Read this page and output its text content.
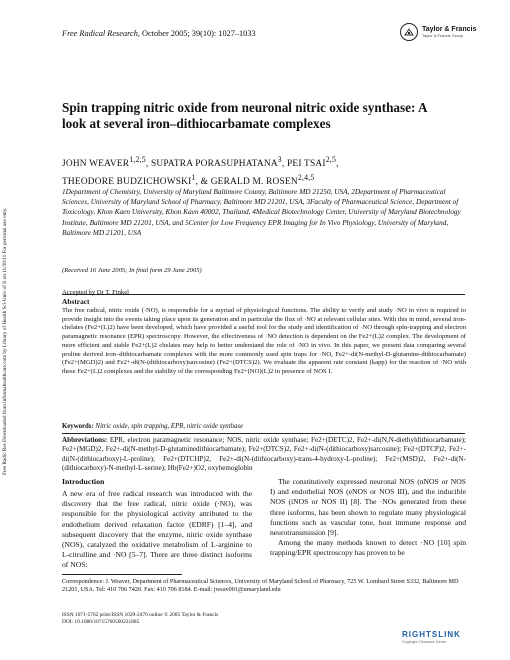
Free Radic Res Downloaded from informahealthcare.com by Library of Health Sci-Univ of Il on 11/30/11 For personal use only.
Free Radical Research, October 2005; 39(10): 1027–1033	Taylor & Francis
Taylor & Francis Group
Spin trapping nitric oxide from neuronal nitric oxide synthase: A look at several iron–dithiocarbamate complexes
JOHN WEAVER$^{1,2,5}$, SUPATRA PORASUPHATANA$^3$, PEI TSAI$^{2,5}$,
THEODORE BUDZICHOWSKI$^1$, & GERALD M. ROSEN$^{2,4,5}$
1Department of Chemistry, University of Maryland Baltimore County, Baltimore MD 21250, USA, 2Department of Pharmaceutical Sciences, University of Maryland School of Pharmacy, Baltimore MD 21201, USA, 3Faculty of Pharmaceutical Science, Department of Toxicology, Khon Kaen University, Khon Kaen 40002, Thailand, 4Medical Biotechnology Center, University of Maryland Biotechnology Institute, Baltimore MD 21201, USA, and 5Center for Low Frequency EPR Imaging for In Vivo Physiology, University of Maryland, Baltimore MD 21201, USA
(Received 16 June 2005; In final form 29 June 2005)
Accepted by Dr T. Finkel
Abstract
The free radical, nitric oxide (·NO), is responsible for a myriad of physiological functions. The ability to verify and study ·NO in vivo is required to provide insight into the events taking place upon its generation and in particular the flux of ·NO at relevant cellular sites. With this in mind, several iron-chelates (Fe2+(L)2) have been developed, which have provided a useful tool for the study and identification of ·NO through spin-trapping and electron paramagnetic resonance (EPR) spectroscopy. However, the effectiveness of ·NO detection is dependent on the Fe2+(L)2 complex. The development of more efficient and stable Fe2+(L)2 chelates may help to better understand the role of ·NO in vivo. In this paper, we present data comparing several proline derived iron–dithiocarbamate complexes with the more commonly used spin traps for ·NO, Fe2+-di(N-methyl-D-glutamine-dithiocarbamate) (Fe2+(MGD)2) and Fe2+-di(N-(dithiocarboxy)sarcosine) (Fe2+(DTCS)2). We evaluate the apparent rate constant (kapp) for the reaction of ·NO with these Fe2+(L)2 complexes and the stability of the corresponding Fe2+(NO)(L)2 in presence of NOS I.
Keywords: Nitric oxide, spin trapping, EPR, nitric oxide synthase
Abbreviations: EPR, electron paramagnetic resonance; NOS, nitric oxide synthase; Fe2+(DETC)2, Fe2+-di(N,N-diethyldithiocarbamate); Fe2+(MGD)2, Fe2+-di(N-methyl-D-glutaminedithiocarbamate); Fe2+(DTCS)2, Fe2+-di(N-(dithiocarboxy)sarcosine); Fe2+(DTCP)2, Fe2+-di(N-(dithiocarboxy)-L-proline); Fe2+(DTCHP)2, Fe2+-di(N-(dithiocarboxy)-trans-4-hydroxy-L-proline); Fe2+(MSD)2, Fe2+-di(N-(dithiocarboxy)-N-methyl-L-serine); Hb(Fe2+)O2, oxyhemoglobin
Introduction
A new era of free radical research was introduced with the discovery that the free radical, nitric oxide (·NO), was responsible for the physiological activity attributed to the endothelium derived relaxation factor (EDRF) [1–4], and subsequent discovery that the enzyme, nitric oxide synthase (NOS), catalyzed the oxidative metabolism of L-arginine to L-citrulline and ·NO [5–7]. There are three distinct isoforms of NOS:
The constitutively expressed neuronal NOS (nNOS or NOS I) and endothelial NOS (eNOS or NOS III), and the inducible NOS (iNOS or NOS II) [8]. The ·NOs generated from these three isoforms, has been shown to regulate many physiological functions such as vascular tone, host immune response and neurotransmission [9].
Among the many methods known to detect ·NO [10] spin trapping/EPR spectroscopy has proven to be
Correspondence: J. Weaver, Department of Pharmaceutical Sciences, University of Maryland School of Pharmacy, 725 W. Lombard Street S332, Baltimore MD 21201, USA. Tel: 410 706 7420. Fax: 410 706 8184. E-mail: jweav001@umaryland.edu
ISSN 1071-5762 print/ISSN 1029-2470 online © 2005 Taylor & Francis
DOI: 10.1080/10715760500231885
RIGHTSLINK
Copyright Clearance Center
